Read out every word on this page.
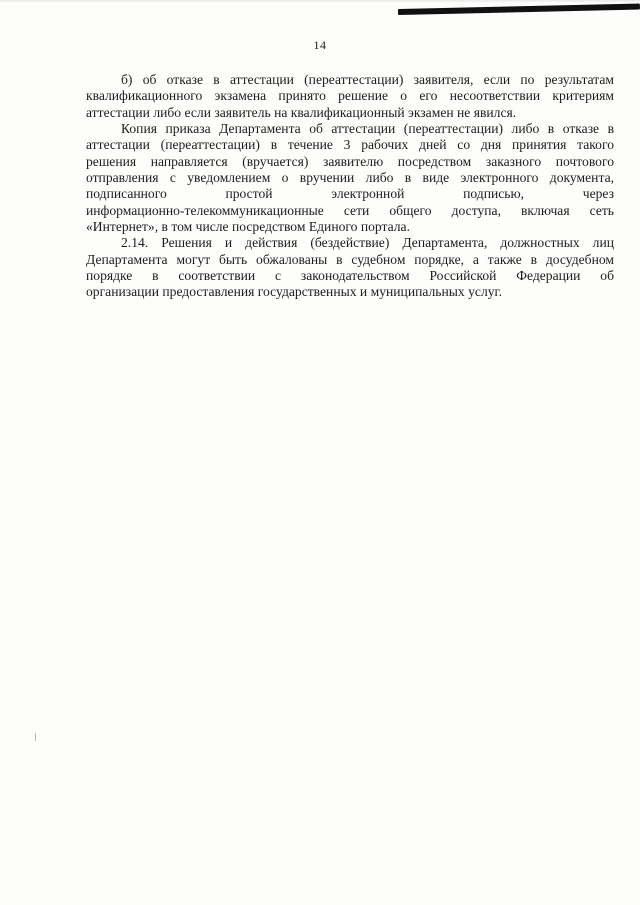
14
б) об отказе в аттестации (переаттестации) заявителя, если по результатам
квалификационного экзамена принято решение о его несоответствии критериям
аттестации либо если заявитель на квалификационный экзамен не явился.
Копия приказа Департамента об аттестации (переаттестации) либо в отказе в
аттестации (переаттестации) в течение 3 рабочих дней со дня принятия такого
решения направляется (вручается) заявителю посредством заказного почтового
отправления с уведомлением о вручении либо в виде электронного документа,
подписанного простой электронной подписью, через
информационно-телекоммуникационные сети общего доступа, включая сеть
«Интернет», в том числе посредством Единого портала.
2.14. Решения и действия (бездействие) Департамента, должностных лиц
Департамента могут быть обжалованы в судебном порядке, а также в досудебном
порядке в соответствии с законодательством Российской Федерации об
организации предоставления государственных и муниципальных услуг.
